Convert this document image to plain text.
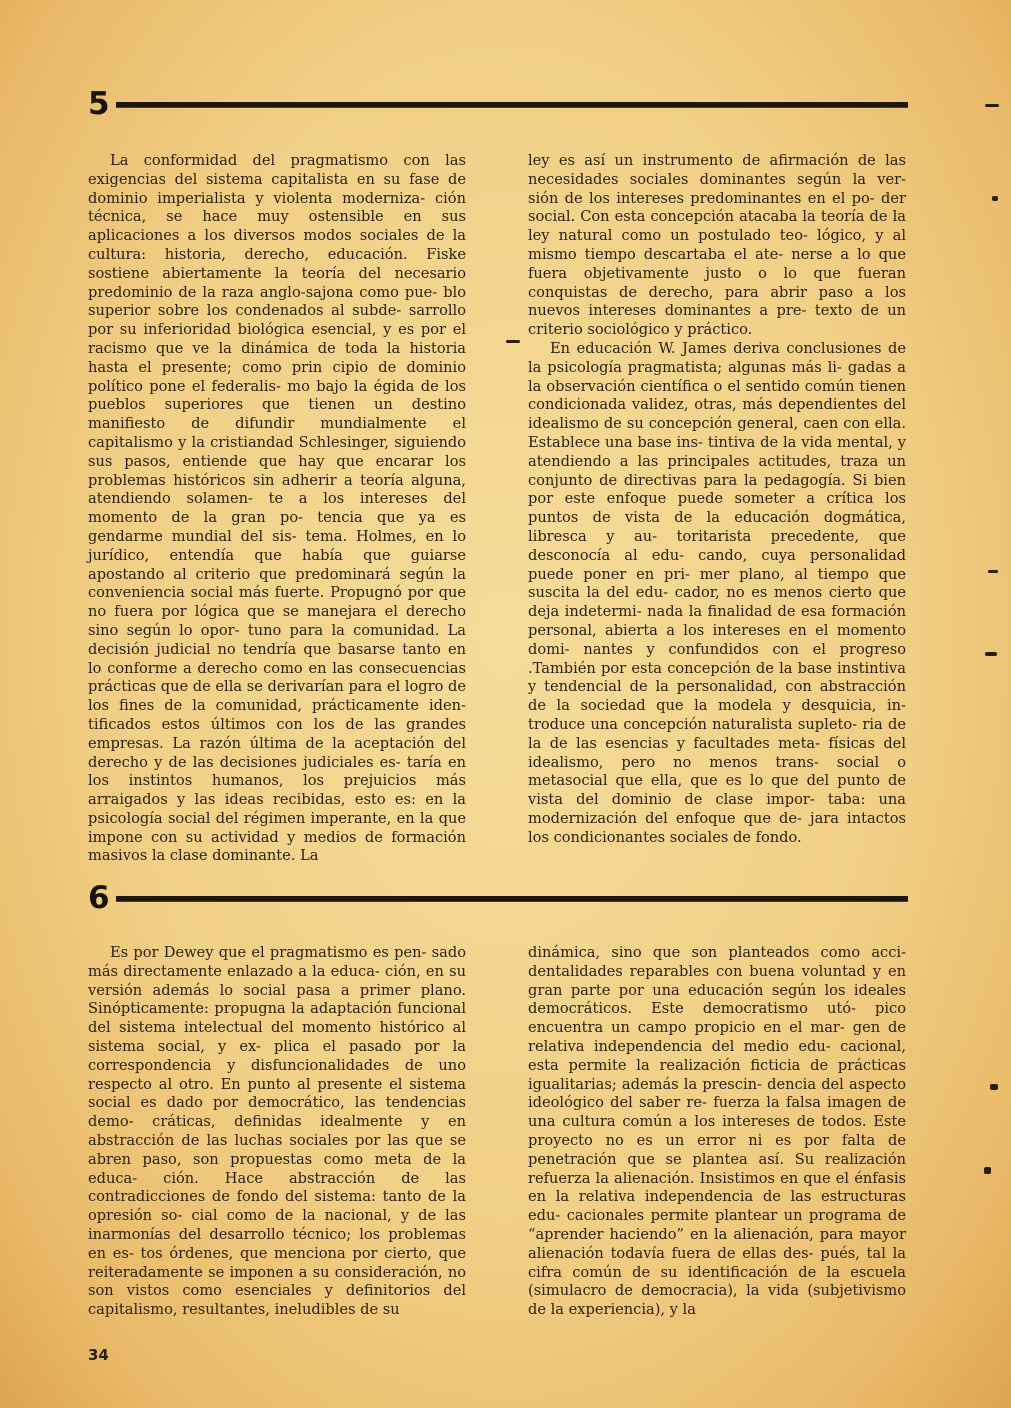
5

La conformidad del pragmatismo con las exigencias del sistema capitalista en su fase de dominio imperialista y violenta moderniza- ción técnica, se hace muy ostensible en sus aplicaciones a los diversos modos sociales de la cultura: historia, derecho, educación. Fiske sostiene abiertamente la teoría del necesario predominio de la raza anglo-sajona como pue- blo superior sobre los condenados al subde- sarrollo por su inferioridad biológica esencial, y es por el racismo que ve la dinámica de toda la historia hasta el presente; como prin cipio de dominio político pone el federalis- mo bajo la égida de los pueblos superiores que tienen un destino manifiesto de difundir mundialmente el capitalismo y la cristiandad Schlesinger, siguiendo sus pasos, entiende que hay que encarar los problemas históricos sin adherir a teoría alguna, atendiendo solamen- te a los intereses del momento de la gran po- tencia que ya es gendarme mundial del sis- tema. Holmes, en lo jurídico, entendía que había que guiarse apostando al criterio que predominará según la conveniencia social más fuerte. Propugnó por que no fuera por lógica que se manejara el derecho sino según lo opor- tuno para la comunidad. La decisión judicial no tendría que basarse tanto en lo conforme a derecho como en las consecuencias prácticas que de ella se derivarían para el logro de los fines de la comunidad, prácticamente iden- tificados estos últimos con los de las grandes empresas. La razón última de la aceptación del derecho y de las decisiones judiciales es- taría en los instintos humanos, los prejuicios más arraigados y las ideas recibidas, esto es: en la psicología social del régimen imperante, en la que impone con su actividad y medios de formación masivos la clase dominante. La

ley es así un instrumento de afirmación de las necesidades sociales dominantes según la ver- sión de los intereses predominantes en el po- der social. Con esta concepción atacaba la teoría de la ley natural como un postulado teo- lógico, y al mismo tiempo descartaba el ate- nerse a lo que fuera objetivamente justo o lo que fueran conquistas de derecho, para abrir paso a los nuevos intereses dominantes a pre- texto de un criterio sociológico y práctico.

En educación W. James deriva conclusiones de la psicología pragmatista; algunas más li- gadas a la observación científica o el sentido común tienen condicionada validez, otras, más dependientes del idealismo de su concepción general, caen con ella. Establece una base ins- tintiva de la vida mental, y atendiendo a las principales actitudes, traza un conjunto de directivas para la pedagogía. Si bien por este enfoque puede someter a crítica los puntos de vista de la educación dogmática, libresca y au- toritarista precedente, que desconocía al edu- cando, cuya personalidad puede poner en pri- mer plano, al tiempo que suscita la del edu- cador, no es menos cierto que deja indetermi- nada la finalidad de esa formación personal, abierta a los intereses en el momento domi- nantes y confundidos con el progreso .También por esta concepción de la base instintiva y tendencial de la personalidad, con abstracción de la sociedad que la modela y desquicia, in- troduce una concepción naturalista supleto- ria de la de las esencias y facultades meta- físicas del idealismo, pero no menos trans- social o metasocial que ella, que es lo que del punto de vista del dominio de clase impor- taba: una modernización del enfoque que de- jara intactos los condicionantes sociales de fondo.

6

Es por Dewey que el pragmatismo es pen- sado más directamente enlazado a la educa- ción, en su versión además lo social pasa a primer plano. Sinópticamente: propugna la adaptación funcional del sistema intelectual del momento histórico al sistema social, y ex- plica el pasado por la correspondencia y disfuncionalidades de uno respecto al otro. En punto al presente el sistema social es dado por democrático, las tendencias demo- cráticas, definidas idealmente y en abstracción de las luchas sociales por las que se abren paso, son propuestas como meta de la educa- ción. Hace abstracción de las contradicciones de fondo del sistema: tanto de la opresión so- cial como de la nacional, y de las inarmonías del desarrollo técnico; los problemas en es- tos órdenes, que menciona por cierto, que reiteradamente se imponen a su consideración, no son vistos como esenciales y definitorios del capitalismo, resultantes, ineludibles de su

dinámica, sino que son planteados como acci- dentalidades reparables con buena voluntad y en gran parte por una educación según los ideales democráticos. Este democratismo utó- pico encuentra un campo propicio en el mar- gen de relativa independencia del medio edu- cacional, esta permite la realización ficticia de prácticas igualitarias; además la prescin- dencia del aspecto ideológico del saber re- fuerza la falsa imagen de una cultura común a los intereses de todos. Este proyecto no es un error ni es por falta de penetración que se plantea así. Su realización refuerza la alienación. Insistimos en que el énfasis en la relativa independencia de las estructuras edu- cacionales permite plantear un programa de “aprender haciendo” en la alienación, para mayor alienación todavía fuera de ellas des- pués, tal la cifra común de su identificación de la escuela (simulacro de democracia), la vida (subjetivismo de la experiencia), y la

34
